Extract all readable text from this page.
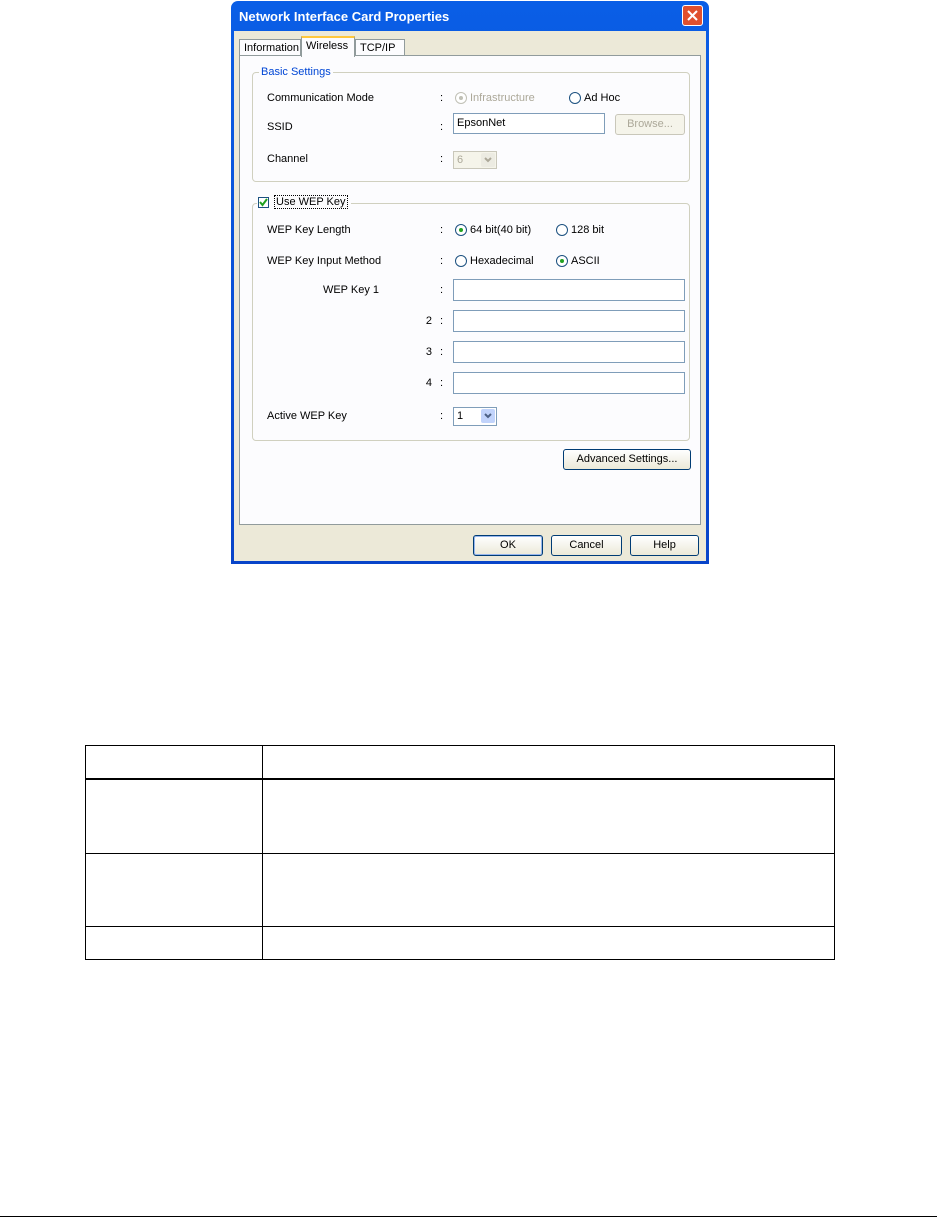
Network Interface Card Properties
Information Wireless	TCP/IP
Basic Settings
Communication Mode	: Infrastructure	Ad Hoc
SSID	:	EpsonNet	Browse...
Channel	: 6
Use WEP Key
WEP Key Length	: 64 bit(40 bit)	128 bit
WEP Key Input Method	: Hexadecimal	ASCII
WEP Key 1	:
2 :
3 :
4 :
Active WEP Key	: 1
Advanced Settings...
OK	Cancel	Help
